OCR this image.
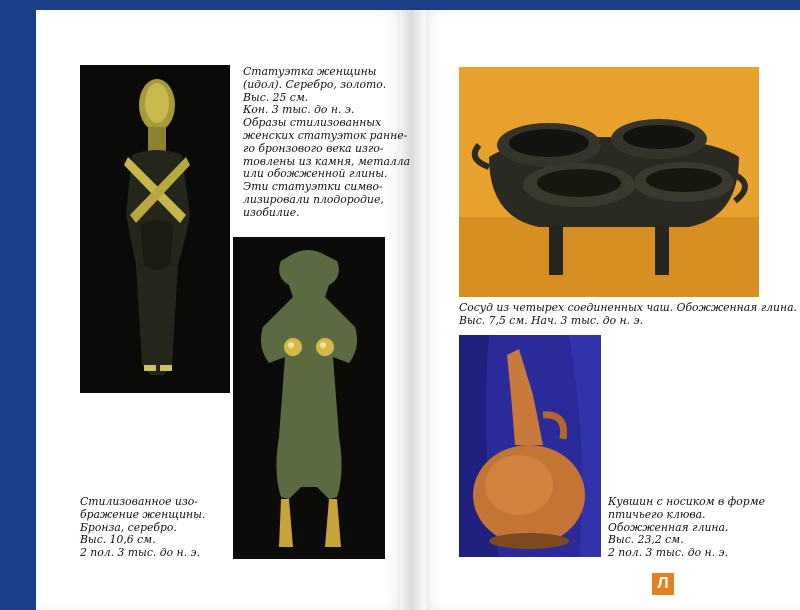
Статуэтка женщины
(идол). Серебро, золото.
Выс. 25 см.
Кон. 3 тыс. до н. э.
Образы стилизованных
женских статуэток ранне-
го бронзового века изго-
товлены из камня, металла
или обожженной глины.
Эти статуэтки симво-
лизировали плодородие,
изобилие.
Стилизованное изо-
бражение женщины.
Бронза, серебро.
Выс. 10,6 см.
2 пол. 3 тыс. до н. э.
Сосуд из четырех соединенных чаш. Обожженная глина.
Выс. 7,5 см. Нач. 3 тыс. до н. э.
Кувшин с носиком в форме
птичьего клюва.
Обожженная глина.
Выс. 23,2 см.
2 пол. 3 тыс. до н. э.
Л
